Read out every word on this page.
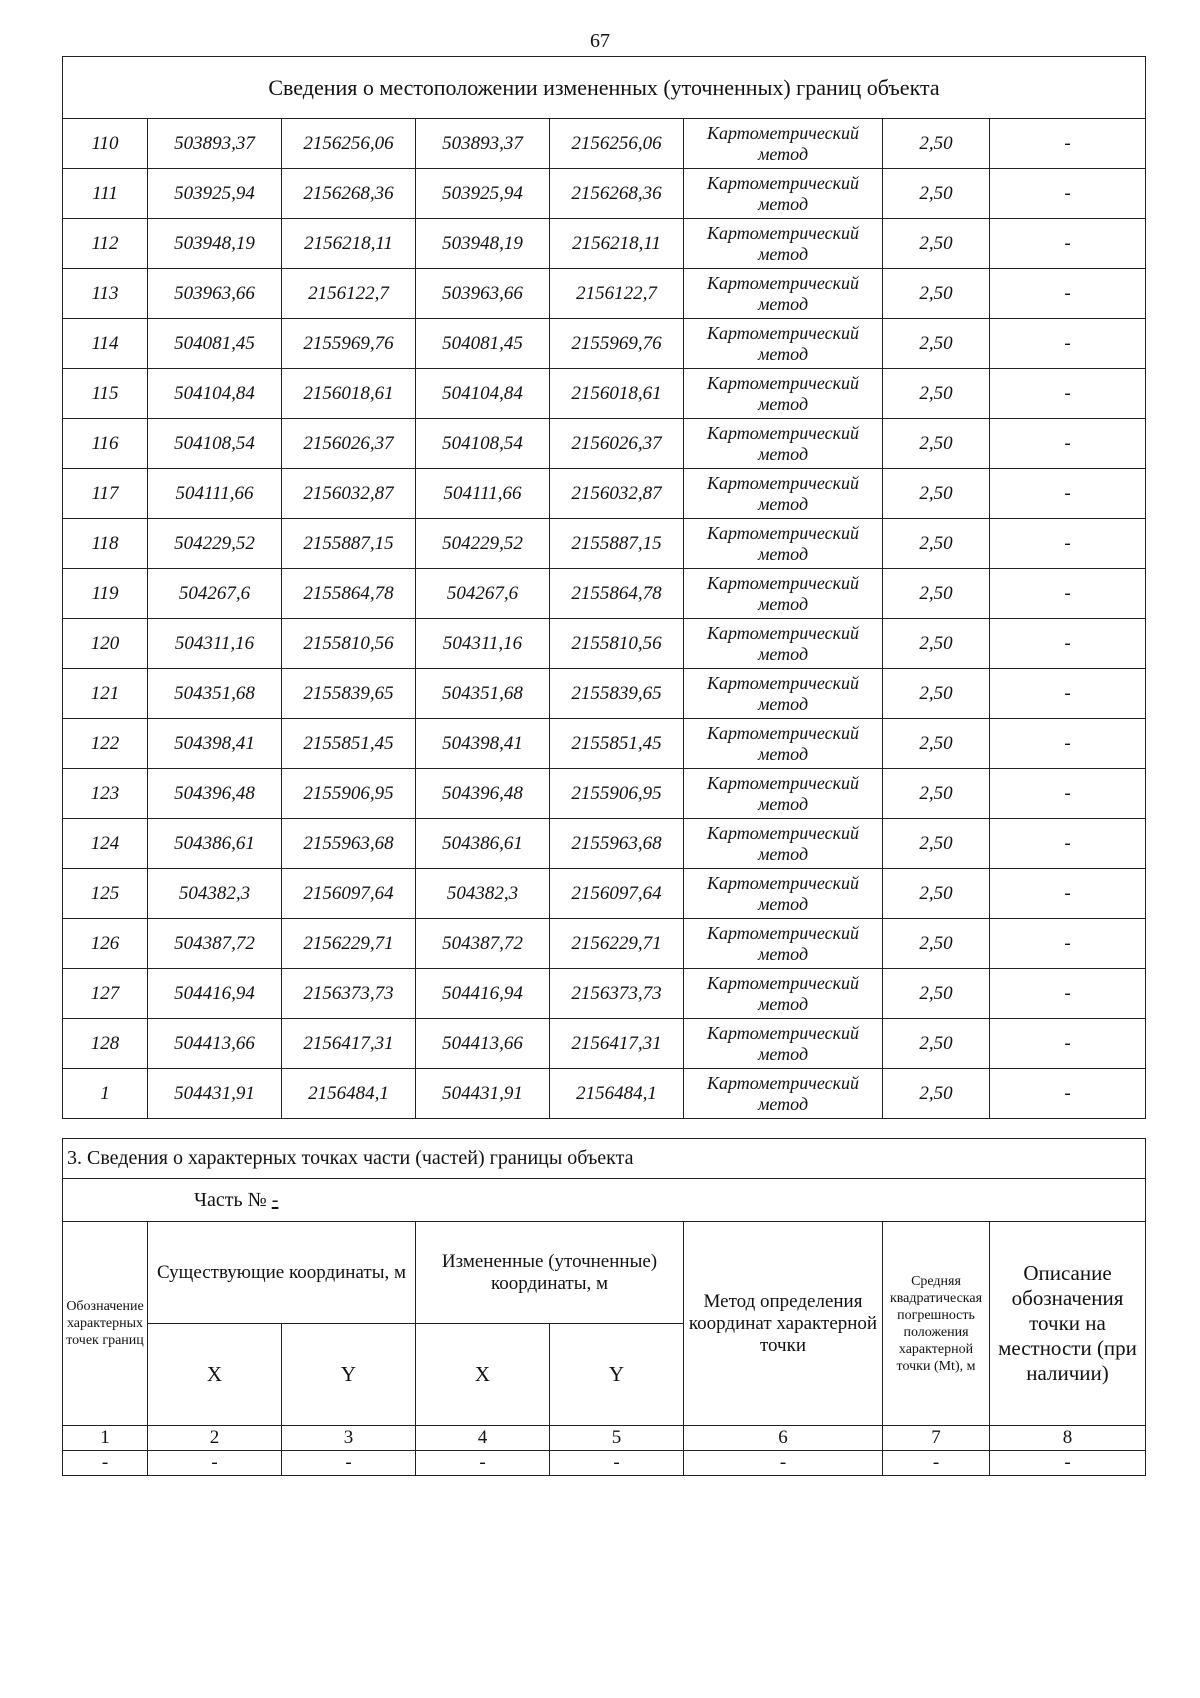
67
Сведения о местоположении измененных (уточненных) границ объекта							
110	503893,37	2156256,06	503893,37	2156256,06	Картометрический метод	2,50	-
111	503925,94	2156268,36	503925,94	2156268,36	Картометрический метод	2,50	-
112	503948,19	2156218,11	503948,19	2156218,11	Картометрический метод	2,50	-
113	503963,66	2156122,7	503963,66	2156122,7	Картометрический метод	2,50	-
114	504081,45	2155969,76	504081,45	2155969,76	Картометрический метод	2,50	-
115	504104,84	2156018,61	504104,84	2156018,61	Картометрический метод	2,50	-
116	504108,54	2156026,37	504108,54	2156026,37	Картометрический метод	2,50	-
117	504111,66	2156032,87	504111,66	2156032,87	Картометрический метод	2,50	-
118	504229,52	2155887,15	504229,52	2155887,15	Картометрический метод	2,50	-
119	504267,6	2155864,78	504267,6	2155864,78	Картометрический метод	2,50	-
120	504311,16	2155810,56	504311,16	2155810,56	Картометрический метод	2,50	-
121	504351,68	2155839,65	504351,68	2155839,65	Картометрический метод	2,50	-
122	504398,41	2155851,45	504398,41	2155851,45	Картометрический метод	2,50	-
123	504396,48	2155906,95	504396,48	2155906,95	Картометрический метод	2,50	-
124	504386,61	2155963,68	504386,61	2155963,68	Картометрический метод	2,50	-
125	504382,3	2156097,64	504382,3	2156097,64	Картометрический метод	2,50	-
126	504387,72	2156229,71	504387,72	2156229,71	Картометрический метод	2,50	-
127	504416,94	2156373,73	504416,94	2156373,73	Картометрический метод	2,50	-
128	504413,66	2156417,31	504413,66	2156417,31	Картометрический метод	2,50	-
1	504431,91	2156484,1	504431,91	2156484,1	Картометрический метод	2,50	-
3. Сведения о характерных точках части (частей) границы объекта							
Часть № -							
Обозначение характерных точек границ	Существующие координаты, м		Измененные (уточненные) координаты, м		Метод определения координат характерной точки	Средняя квадратическая погрешность положения характерной точки (Mt), м	Описание обозначения точки на местности (при наличии)
	X	Y	X	Y			
1	2	3	4	5	6	7	8
-	-	-	-	-	-	-	-
